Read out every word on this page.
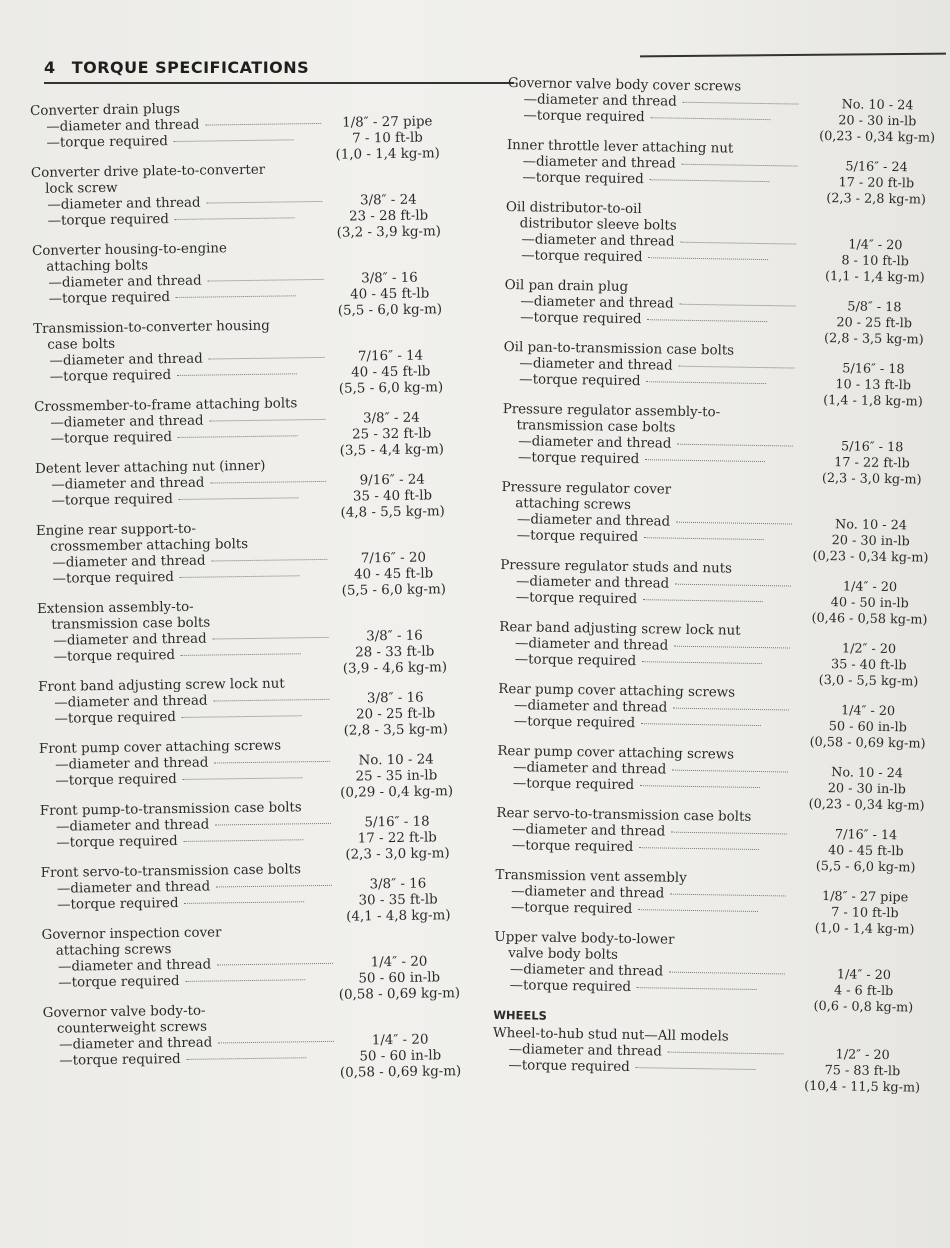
4 TORQUE SPECIFICATIONS
Converter drain plugs
—diameter and thread
—torque required
1/8″ - 27 pipe
7 - 10 ft-lb
(1,0 - 1,4 kg-m)
Converter drive plate-to-converter
lock screw
—diameter and thread
—torque required
3/8″ - 24
23 - 28 ft-lb
(3,2 - 3,9 kg-m)
Converter housing-to-engine
attaching bolts
—diameter and thread
—torque required
3/8″ - 16
40 - 45 ft-lb
(5,5 - 6,0 kg-m)
Transmission-to-converter housing
case bolts
—diameter and thread
—torque required
7/16″ - 14
40 - 45 ft-lb
(5,5 - 6,0 kg-m)
Crossmember-to-frame attaching bolts
—diameter and thread
—torque required
3/8″ - 24
25 - 32 ft-lb
(3,5 - 4,4 kg-m)
Detent lever attaching nut (inner)
—diameter and thread
—torque required
9/16″ - 24
35 - 40 ft-lb
(4,8 - 5,5 kg-m)
Engine rear support-to-
crossmember attaching bolts
—diameter and thread
—torque required
7/16″ - 20
40 - 45 ft-lb
(5,5 - 6,0 kg-m)
Extension assembly-to-
transmission case bolts
—diameter and thread
—torque required
3/8″ - 16
28 - 33 ft-lb
(3,9 - 4,6 kg-m)
Front band adjusting screw lock nut
—diameter and thread
—torque required
3/8″ - 16
20 - 25 ft-lb
(2,8 - 3,5 kg-m)
Front pump cover attaching screws
—diameter and thread
—torque required
No. 10 - 24
25 - 35 in-lb
(0,29 - 0,4 kg-m)
Front pump-to-transmission case bolts
—diameter and thread
—torque required
5/16″ - 18
17 - 22 ft-lb
(2,3 - 3,0 kg-m)
Front servo-to-transmission case bolts
—diameter and thread
—torque required
3/8″ - 16
30 - 35 ft-lb
(4,1 - 4,8 kg-m)
Governor inspection cover
attaching screws
—diameter and thread
—torque required
1/4″ - 20
50 - 60 in-lb
(0,58 - 0,69 kg-m)
Governor valve body-to-
counterweight screws
—diameter and thread
—torque required
1/4″ - 20
50 - 60 in-lb
(0,58 - 0,69 kg-m)
Governor valve body cover screws
—diameter and thread
—torque required
No. 10 - 24
20 - 30 in-lb
(0,23 - 0,34 kg-m)
Inner throttle lever attaching nut
—diameter and thread
—torque required
5/16″ - 24
17 - 20 ft-lb
(2,3 - 2,8 kg-m)
Oil distributor-to-oil
distributor sleeve bolts
—diameter and thread
—torque required
1/4″ - 20
8 - 10 ft-lb
(1,1 - 1,4 kg-m)
Oil pan drain plug
—diameter and thread
—torque required
5/8″ - 18
20 - 25 ft-lb
(2,8 - 3,5 kg-m)
Oil pan-to-transmission case bolts
—diameter and thread
—torque required
5/16″ - 18
10 - 13 ft-lb
(1,4 - 1,8 kg-m)
Pressure regulator assembly-to-
transmission case bolts
—diameter and thread
—torque required
5/16″ - 18
17 - 22 ft-lb
(2,3 - 3,0 kg-m)
Pressure regulator cover
attaching screws
—diameter and thread
—torque required
No. 10 - 24
20 - 30 in-lb
(0,23 - 0,34 kg-m)
Pressure regulator studs and nuts
—diameter and thread
—torque required
1/4″ - 20
40 - 50 in-lb
(0,46 - 0,58 kg-m)
Rear band adjusting screw lock nut
—diameter and thread
—torque required
1/2″ - 20
35 - 40 ft-lb
(3,0 - 5,5 kg-m)
Rear pump cover attaching screws
—diameter and thread
—torque required
1/4″ - 20
50 - 60 in-lb
(0,58 - 0,69 kg-m)
Rear pump cover attaching screws
—diameter and thread
—torque required
No. 10 - 24
20 - 30 in-lb
(0,23 - 0,34 kg-m)
Rear servo-to-transmission case bolts
—diameter and thread
—torque required
7/16″ - 14
40 - 45 ft-lb
(5,5 - 6,0 kg-m)
Transmission vent assembly
—diameter and thread
—torque required
1/8″ - 27 pipe
7 - 10 ft-lb
(1,0 - 1,4 kg-m)
Upper valve body-to-lower
valve body bolts
—diameter and thread
—torque required
1/4″ - 20
4 - 6 ft-lb
(0,6 - 0,8 kg-m)
WHEELS
Wheel-to-hub stud nut—All models
—diameter and thread
—torque required
1/2″ - 20
75 - 83 ft-lb
(10,4 - 11,5 kg-m)
